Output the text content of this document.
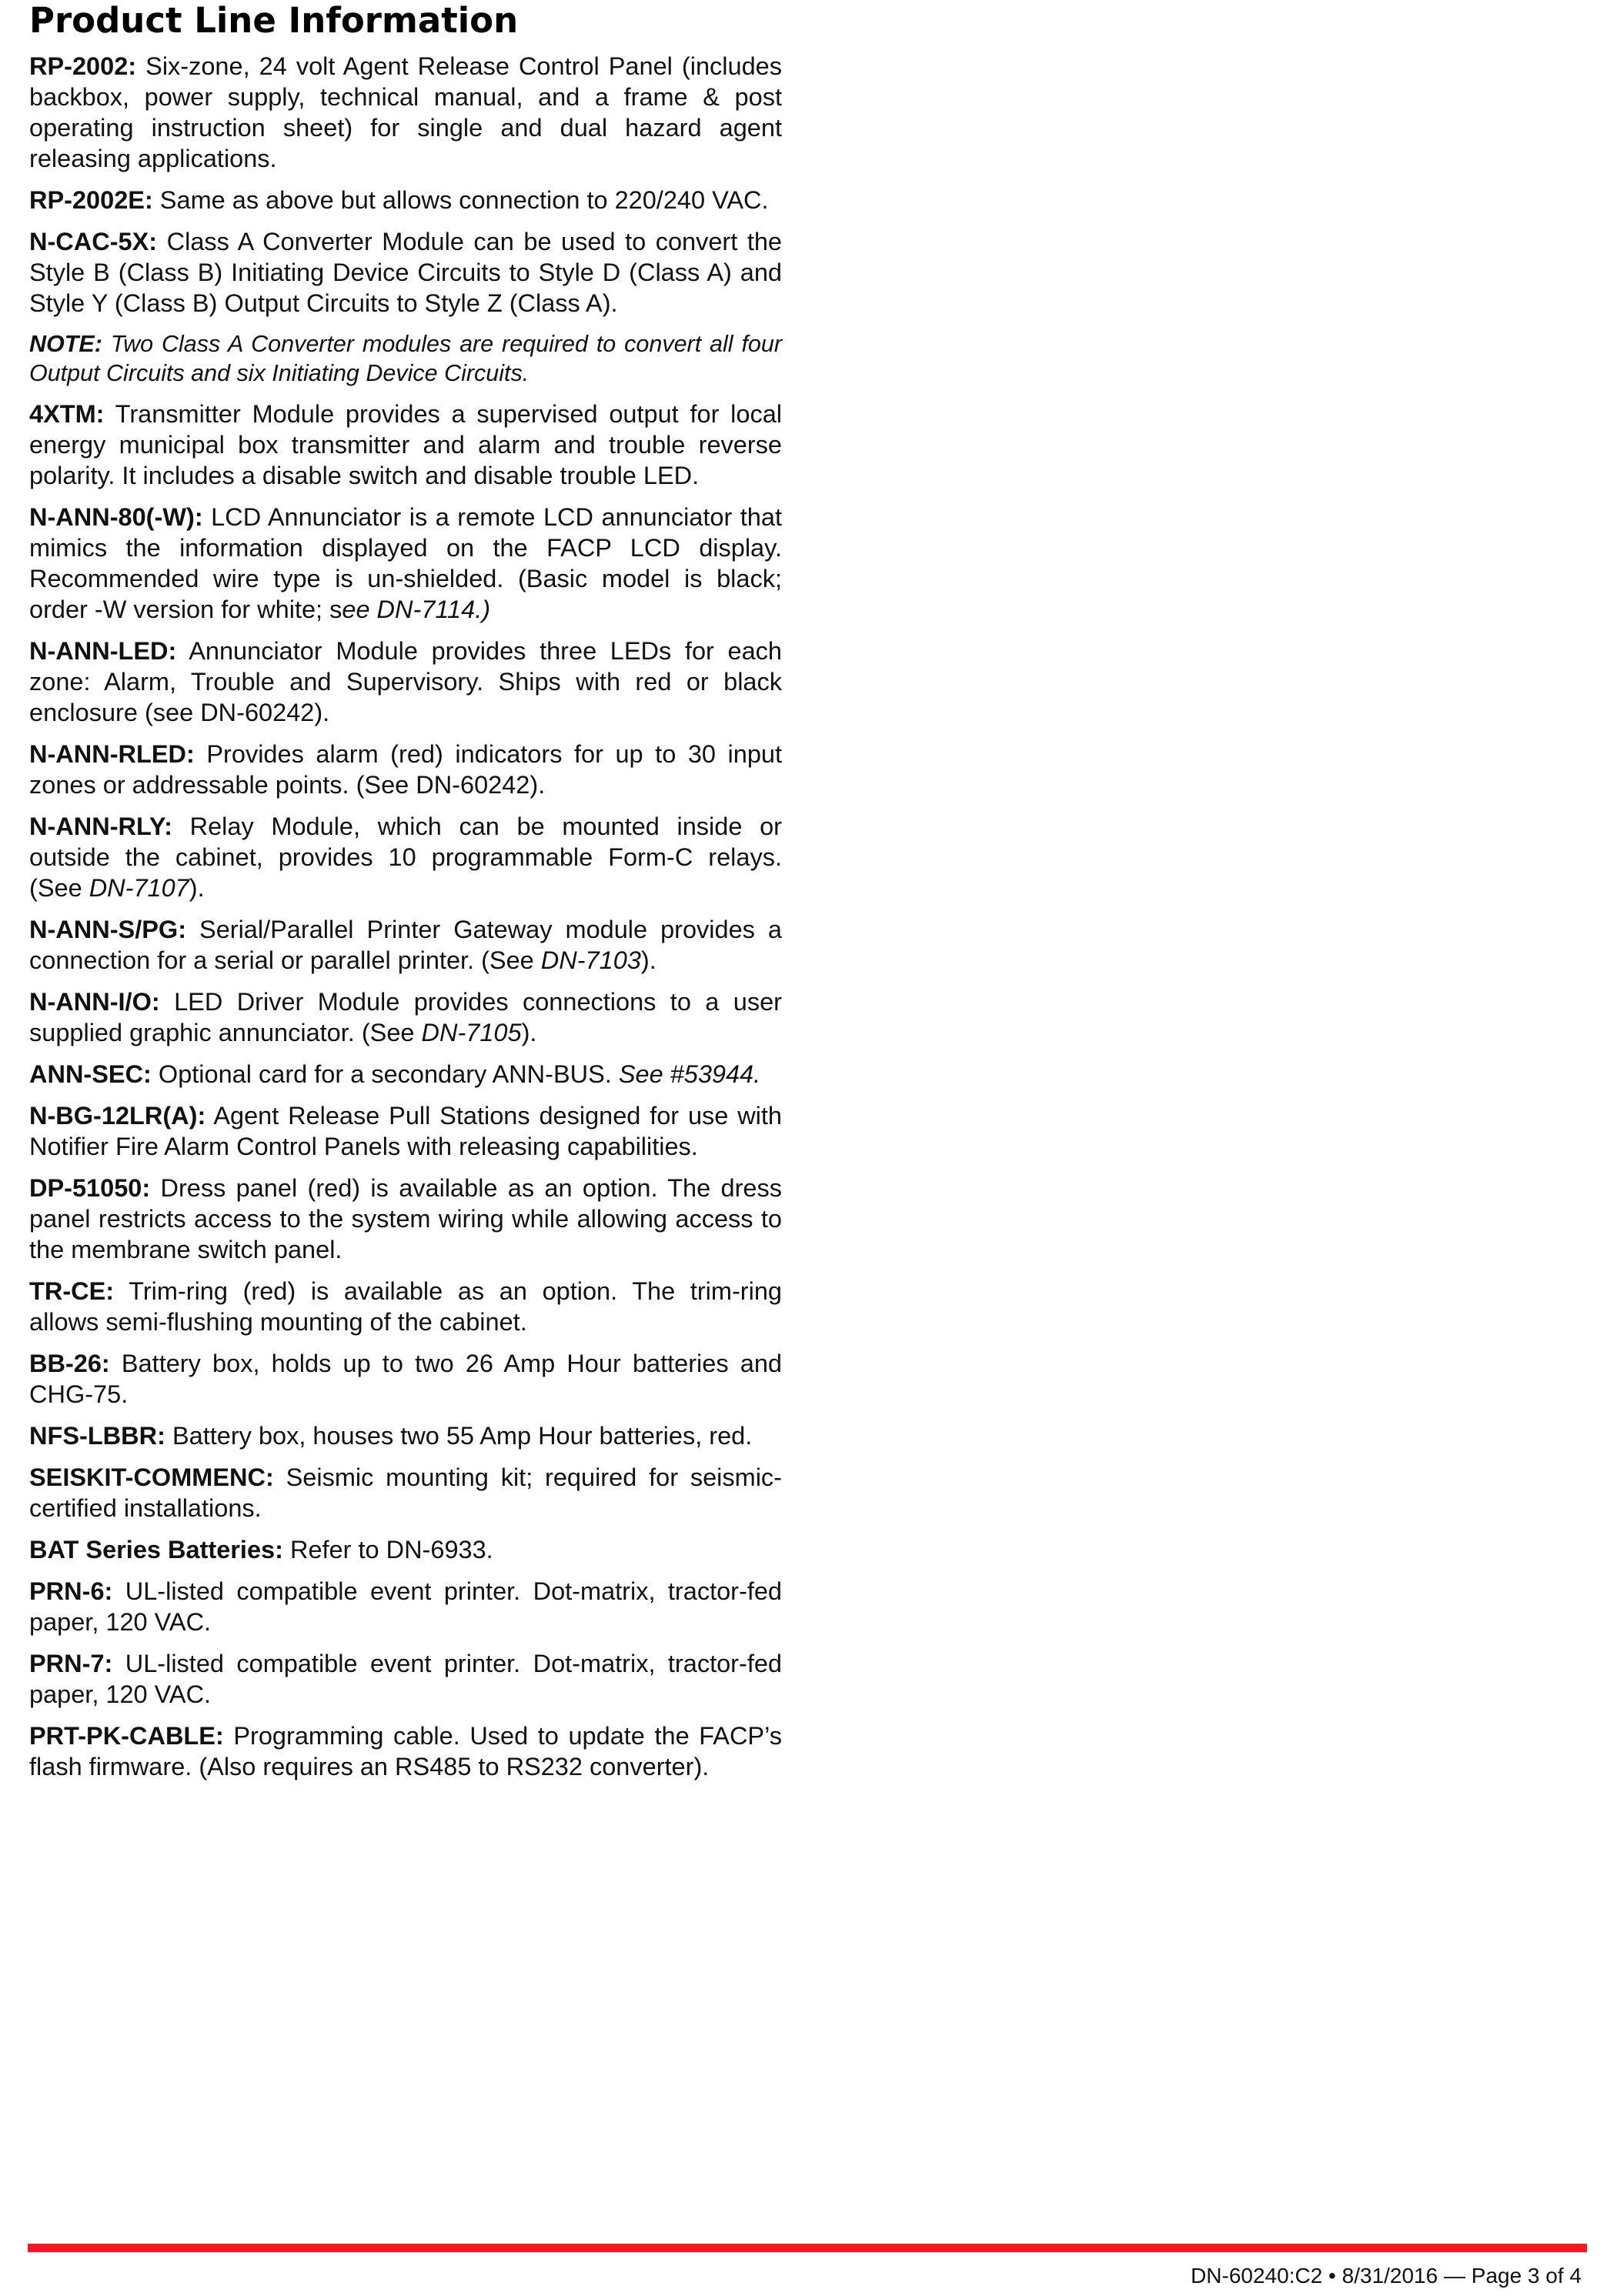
Product Line Information

RP-2002: Six-zone, 24 volt Agent Release Control Panel (includes backbox, power supply, technical manual, and a frame & post operating instruction sheet) for single and dual hazard agent releasing applications.

RP-2002E: Same as above but allows connection to 220/240 VAC.

N-CAC-5X: Class A Converter Module can be used to convert the Style B (Class B) Initiating Device Circuits to Style D (Class A) and Style Y (Class B) Output Circuits to Style Z (Class A).

NOTE: Two Class A Converter modules are required to convert all four Output Circuits and six Initiating Device Circuits.

4XTM: Transmitter Module provides a supervised output for local energy municipal box transmitter and alarm and trouble reverse polarity. It includes a disable switch and disable trouble LED.

N-ANN-80(-W): LCD Annunciator is a remote LCD annunciator that mimics the information displayed on the FACP LCD display. Recommended wire type is un-shielded. (Basic model is black; order -W version for white; see DN-7114.)

N-ANN-LED: Annunciator Module provides three LEDs for each zone: Alarm, Trouble and Supervisory. Ships with red or black enclosure (see DN-60242).

N-ANN-RLED: Provides alarm (red) indicators for up to 30 input zones or addressable points. (See DN-60242).

N-ANN-RLY: Relay Module, which can be mounted inside or outside the cabinet, provides 10 programmable Form-C relays. (See DN-7107).

N-ANN-S/PG: Serial/Parallel Printer Gateway module provides a connection for a serial or parallel printer. (See DN-7103).

N-ANN-I/O: LED Driver Module provides connections to a user supplied graphic annunciator. (See DN-7105).

ANN-SEC: Optional card for a secondary ANN-BUS. See #53944.

N-BG-12LR(A): Agent Release Pull Stations designed for use with Notifier Fire Alarm Control Panels with releasing capabilities.

DP-51050: Dress panel (red) is available as an option. The dress panel restricts access to the system wiring while allowing access to the membrane switch panel.

TR-CE: Trim-ring (red) is available as an option. The trim-ring allows semi-flushing mounting of the cabinet.

BB-26: Battery box, holds up to two 26 Amp Hour batteries and CHG-75.

NFS-LBBR: Battery box, houses two 55 Amp Hour batteries, red.

SEISKIT-COMMENC: Seismic mounting kit; required for seismic-certified installations.

BAT Series Batteries: Refer to DN-6933.

PRN-6: UL-listed compatible event printer. Dot-matrix, tractor-fed paper, 120 VAC.

PRN-7: UL-listed compatible event printer. Dot-matrix, tractor-fed paper, 120 VAC.

PRT-PK-CABLE: Programming cable. Used to update the FACP’s flash firmware. (Also requires an RS485 to RS232 converter).

DN-60240:C2 • 8/31/2016 — Page 3 of 4
